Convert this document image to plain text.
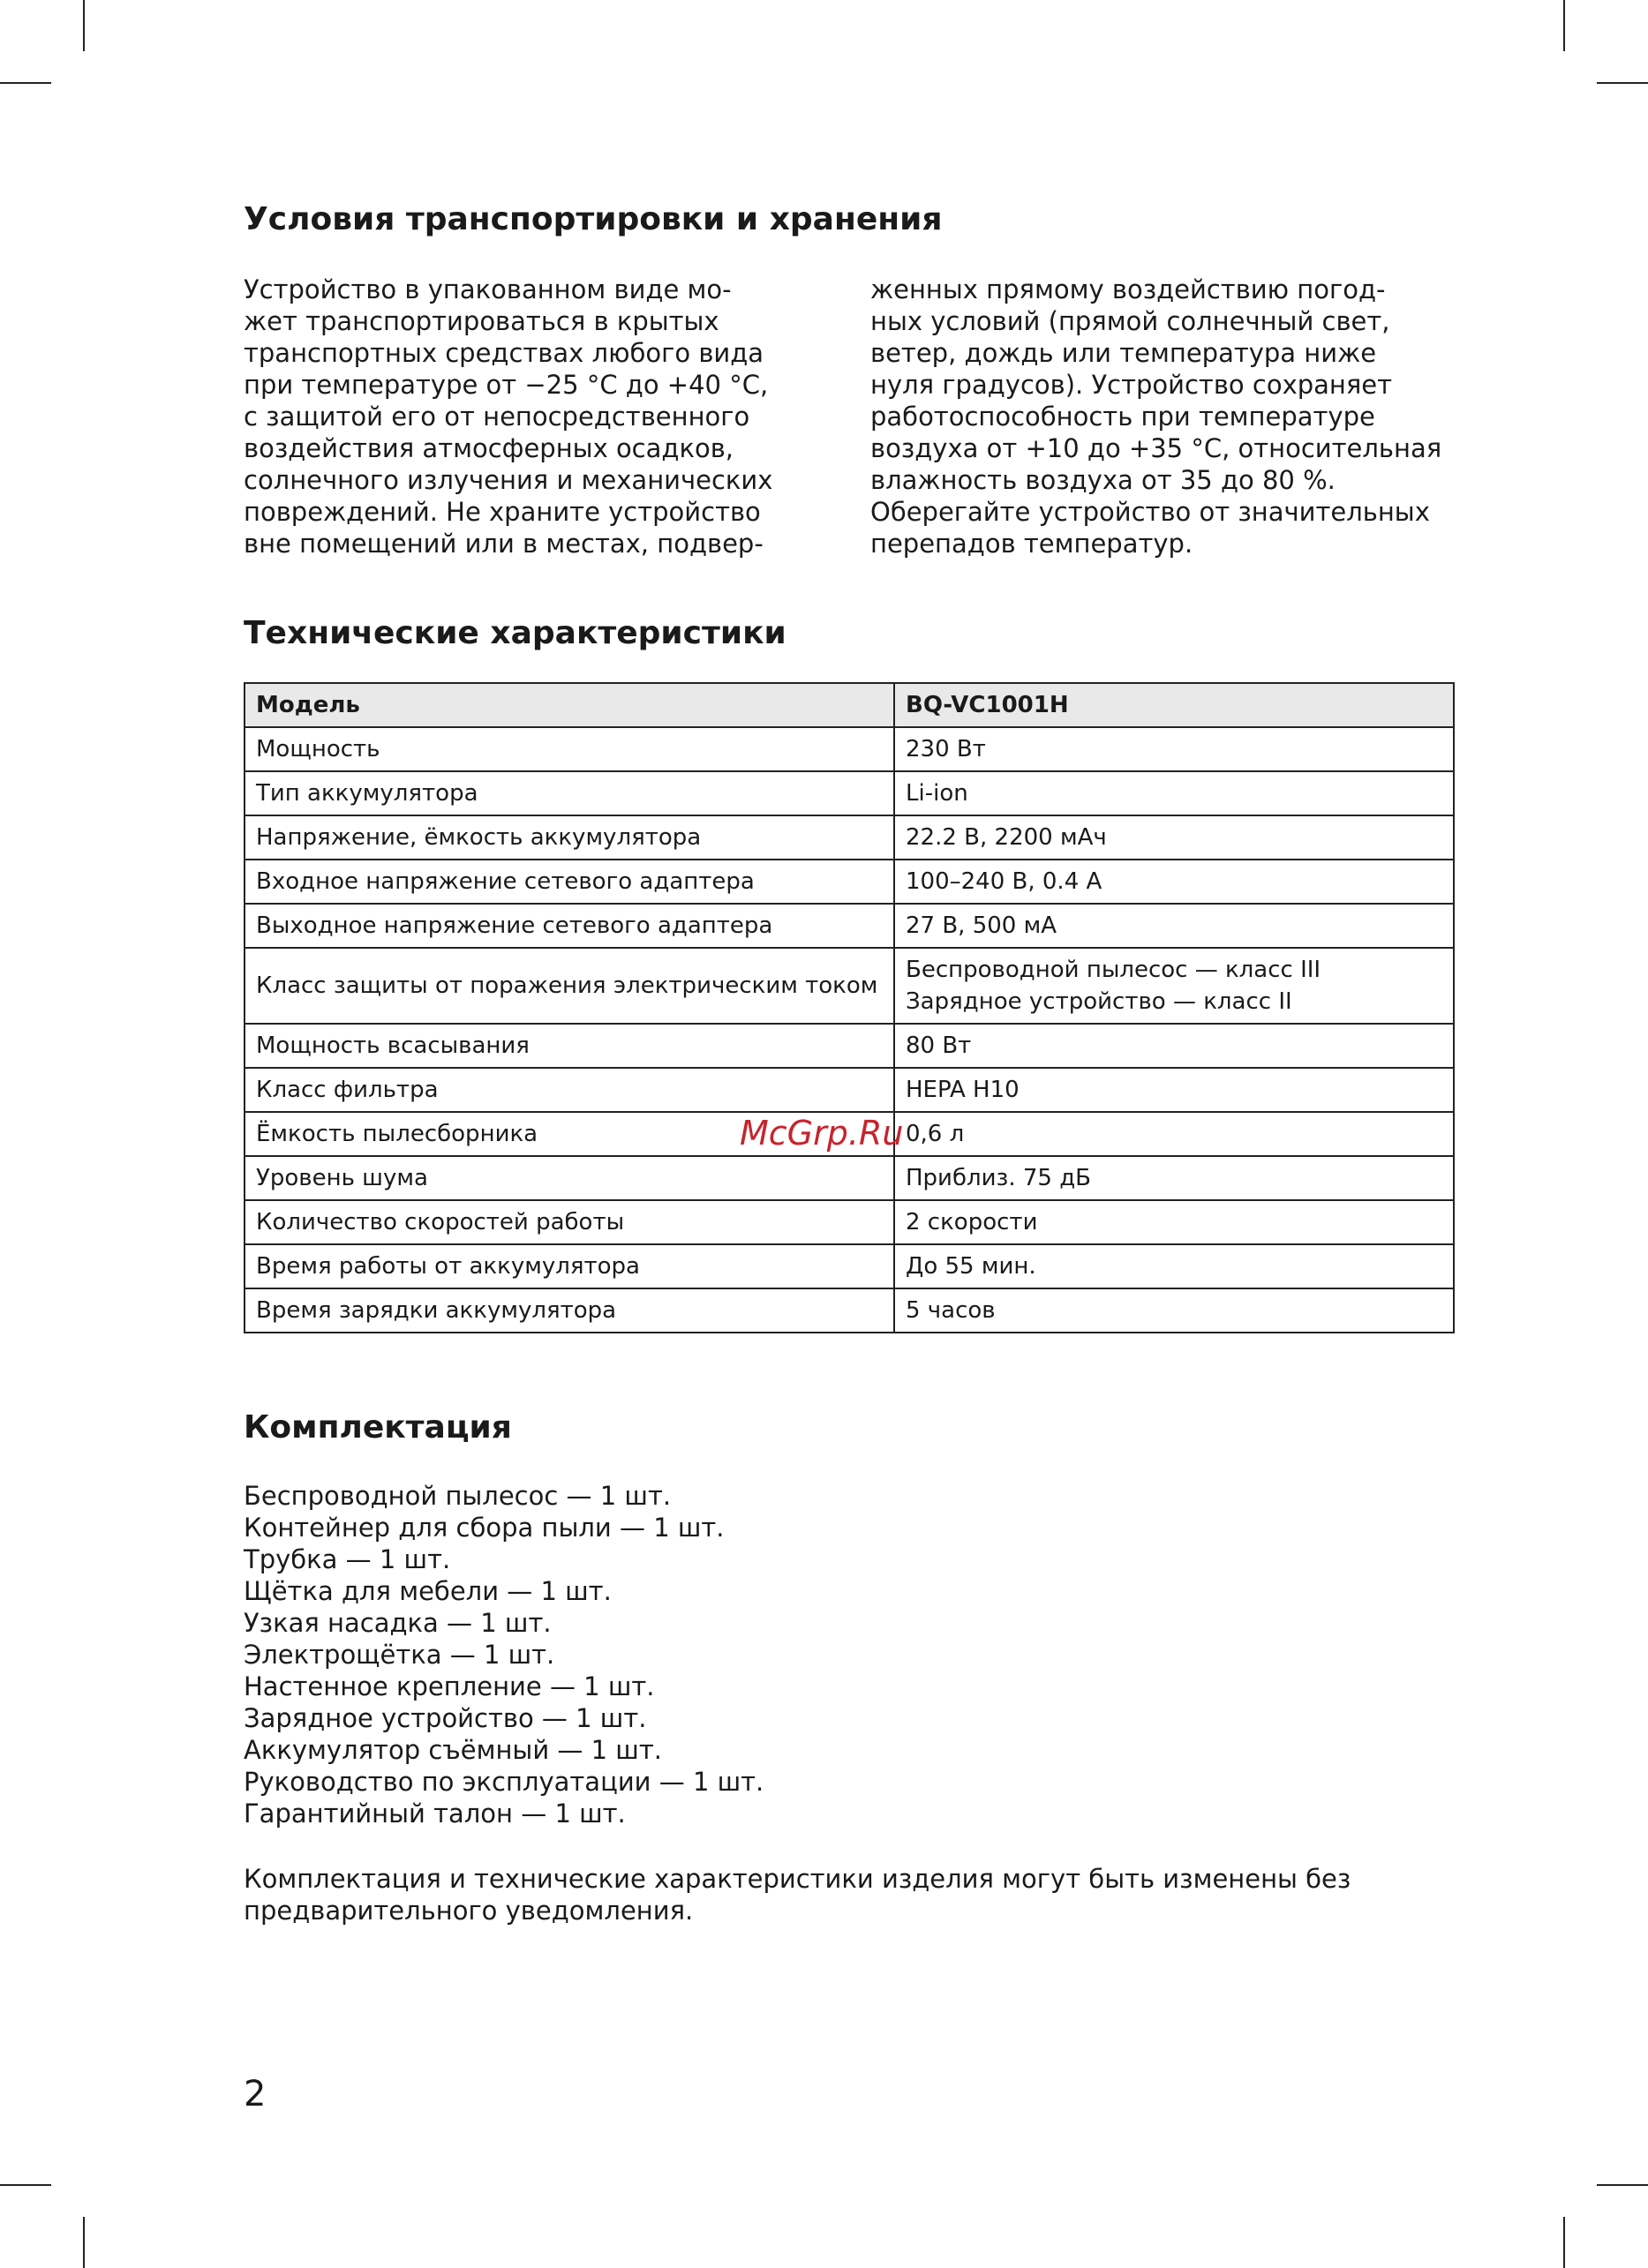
Условия транспортировки и хранения
Устройство в упакованном виде мо-
жет транспортироваться в крытых
транспортных средствах любого вида
при температуре от −25 °C до +40 °C,
с защитой его от непосредственного
воздействия атмосферных осадков,
солнечного излучения и механических
повреждений. Не храните устройство
вне помещений или в местах, подвер-
женных прямому воздействию погод-
ных условий (прямой солнечный свет,
ветер, дождь или температура ниже
нуля градусов). Устройство сохраняет
работоспособность при температуре
воздуха от +10 до +35 °C, относительная
влажность воздуха от 35 до 80 %.
Оберегайте устройство от значительных
перепадов температур.
Технические характеристики
Модель	BQ-VC1001H
Мощность	230 Вт
Тип аккумулятора	Li-ion
Напряжение, ёмкость аккумулятора	22.2 В, 2200 мАч
Входное напряжение сетевого адаптера	100–240 В, 0.4 А
Выходное напряжение сетевого адаптера	27 В, 500 мА
Класс защиты от поражения электрическим током	Беспроводной пылесос — класс III
Зарядное устройство — класс II

Мощность всасывания	80 Вт
Класс фильтра	HEPA H10
Ёмкость пылесборника	0,6 л
Уровень шума	Приблиз. 75 дБ
Количество скоростей работы	2 скорости
Время работы от аккумулятора	До 55 мин.
Время зарядки аккумулятора	5 часов
McGrp.Ru
Комплектация
Беспроводной пылесос — 1 шт.
Контейнер для сбора пыли — 1 шт.
Трубка — 1 шт.
Щётка для мебели — 1 шт.
Узкая насадка — 1 шт.
Электрощётка — 1 шт.
Настенное крепление — 1 шт.
Зарядное устройство — 1 шт.
Аккумулятор съёмный — 1 шт.
Руководство по эксплуатации — 1 шт.
Гарантийный талон — 1 шт.
Комплектация и технические характеристики изделия могут быть изменены без
предварительного уведомления.
2
